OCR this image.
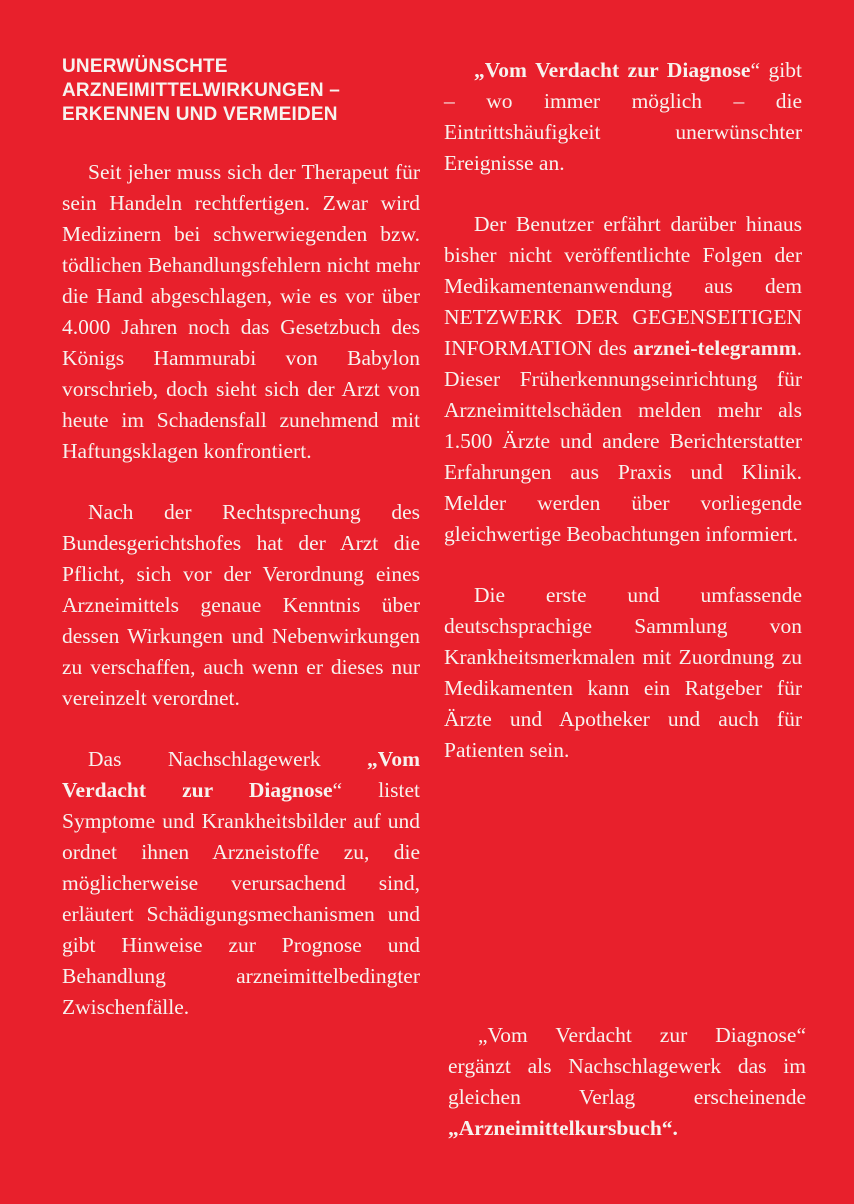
UNERWÜNSCHTE
ARZNEIMITTELWIRKUNGEN –
ERKENNEN UND VERMEIDEN

Seit jeher muss sich der Therapeut für sein Handeln rechtfertigen. Zwar wird Medizinern bei schwerwiegenden bzw. tödlichen Behandlungsfehlern nicht mehr die Hand abgeschlagen, wie es vor über 4.000 Jahren noch das Gesetzbuch des Königs Hammurabi von Babylon vorschrieb, doch sieht sich der Arzt von heute im Schadensfall zunehmend mit Haftungsklagen konfrontiert.

Nach der Rechtsprechung des Bundesgerichtshofes hat der Arzt die Pflicht, sich vor der Verordnung eines Arzneimittels genaue Kenntnis über dessen Wirkungen und Nebenwirkungen zu verschaffen, auch wenn er dieses nur vereinzelt verordnet.

Das Nachschlagewerk „Vom Verdacht zur Diagnose“ listet Symptome und Krankheitsbilder auf und ordnet ihnen Arzneistoffe zu, die möglicherweise verursachend sind, erläutert Schädigungsmechanismen und gibt Hinweise zur Prognose und Behandlung arzneimittelbedingter Zwischenfälle.

„Vom Verdacht zur Diagnose“ gibt – wo immer möglich – die Eintrittshäufigkeit unerwünschter Ereignisse an.

Der Benutzer erfährt darüber hinaus bisher nicht veröffentlichte Folgen der Medikamentenanwendung aus dem NETZWERK DER GEGENSEITIGEN INFORMATION des arznei-telegramm. Dieser Früherkennungseinrichtung für Arzneimittelschäden melden mehr als 1.500 Ärzte und andere Berichterstatter Erfahrungen aus Praxis und Klinik. Melder werden über vorliegende gleichwertige Beobachtungen informiert.

Die erste und umfassende deutschsprachige Sammlung von Krankheitsmerkmalen mit Zuordnung zu Medikamenten kann ein Ratgeber für Ärzte und Apotheker und auch für Patienten sein.

„Vom Verdacht zur Diagnose“ ergänzt als Nachschlagewerk das im gleichen Verlag erscheinende „Arzneimittelkursbuch“.
